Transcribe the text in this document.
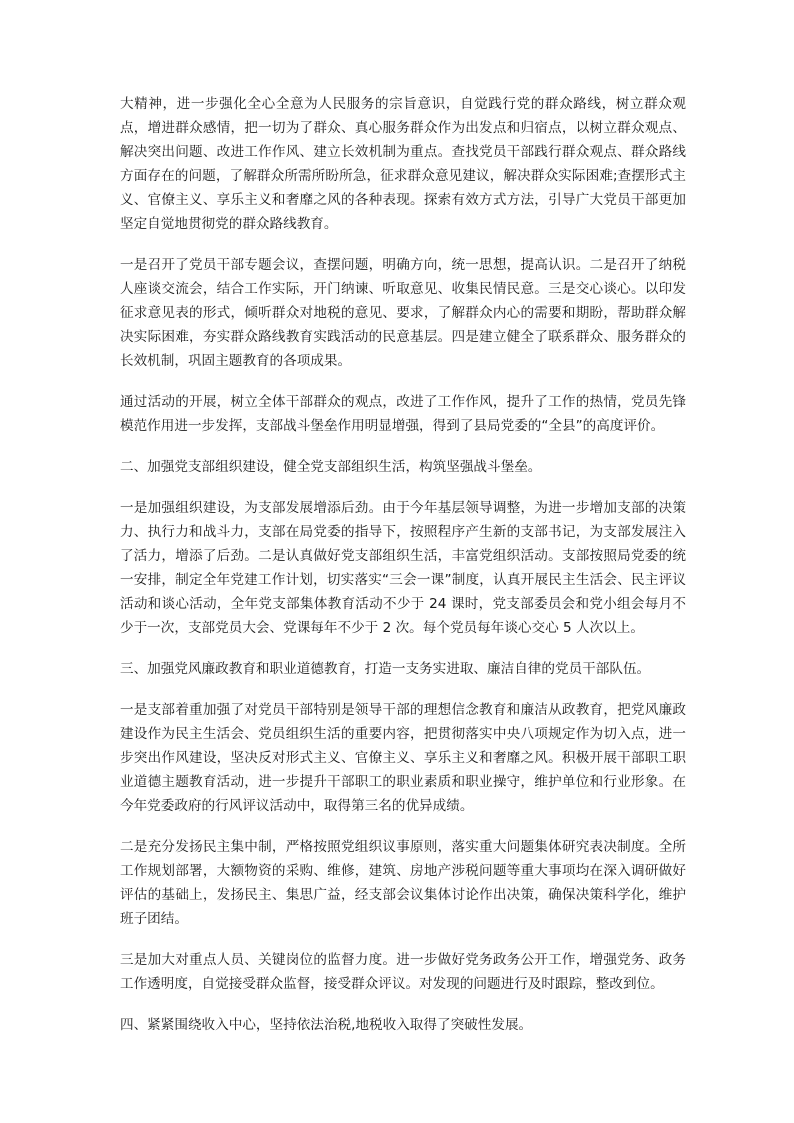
大精神，进一步强化全心全意为人民服务的宗旨意识，自觉践行党的群众路线，树立群众观点，增进群众感情，把一切为了群众、真心服务群众作为出发点和归宿点，以树立群众观点、解决突出问题、改进工作作风、建立长效机制为重点。查找党员干部践行群众观点、群众路线方面存在的问题，了解群众所需所盼所急，征求群众意见建议，解决群众实际困难;查摆形式主义、官僚主义、享乐主义和奢靡之风的各种表现。探索有效方式方法，引导广大党员干部更加坚定自觉地贯彻党的群众路线教育。

一是召开了党员干部专题会议，查摆问题，明确方向，统一思想，提高认识。二是召开了纳税人座谈交流会，结合工作实际，开门纳谏、听取意见、收集民情民意。三是交心谈心。以印发征求意见表的形式，倾听群众对地税的意见、要求，了解群众内心的需要和期盼，帮助群众解决实际困难，夯实群众路线教育实践活动的民意基层。四是建立健全了联系群众、服务群众的长效机制，巩固主题教育的各项成果。

通过活动的开展，树立全体干部群众的观点，改进了工作作风，提升了工作的热情，党员先锋模范作用进一步发挥，支部战斗堡垒作用明显增强，得到了县局党委的“全县”的高度评价。

二、加强党支部组织建设，健全党支部组织生活，构筑坚强战斗堡垒。

一是加强组织建设，为支部发展增添后劲。由于今年基层领导调整，为进一步增加支部的决策力、执行力和战斗力，支部在局党委的指导下，按照程序产生新的支部书记，为支部发展注入了活力，增添了后劲。二是认真做好党支部组织生活，丰富党组织活动。支部按照局党委的统一安排，制定全年党建工作计划，切实落实“三会一课”制度，认真开展民主生活会、民主评议活动和谈心活动，全年党支部集体教育活动不少于 24 课时，党支部委员会和党小组会每月不少于一次，支部党员大会、党课每年不少于 2 次。每个党员每年谈心交心 5 人次以上。

三、加强党风廉政教育和职业道德教育，打造一支务实进取、廉洁自律的党员干部队伍。

一是支部着重加强了对党员干部特别是领导干部的理想信念教育和廉洁从政教育，把党风廉政建设作为民主生活会、党员组织生活的重要内容，把贯彻落实中央八项规定作为切入点，进一步突出作风建设，坚决反对形式主义、官僚主义、享乐主义和奢靡之风。积极开展干部职工职业道德主题教育活动，进一步提升干部职工的职业素质和职业操守，维护单位和行业形象。在今年党委政府的行风评议活动中，取得第三名的优异成绩。

二是充分发扬民主集中制，严格按照党组织议事原则，落实重大问题集体研究表决制度。全所工作规划部署，大额物资的采购、维修，建筑、房地产涉税问题等重大事项均在深入调研做好评估的基础上，发扬民主、集思广益，经支部会议集体讨论作出决策，确保决策科学化，维护班子团结。

三是加大对重点人员、关键岗位的监督力度。进一步做好党务政务公开工作，增强党务、政务工作透明度，自觉接受群众监督，接受群众评议。对发现的问题进行及时跟踪，整改到位。

四、紧紧围绕收入中心，坚持依法治税,地税收入取得了突破性发展。
